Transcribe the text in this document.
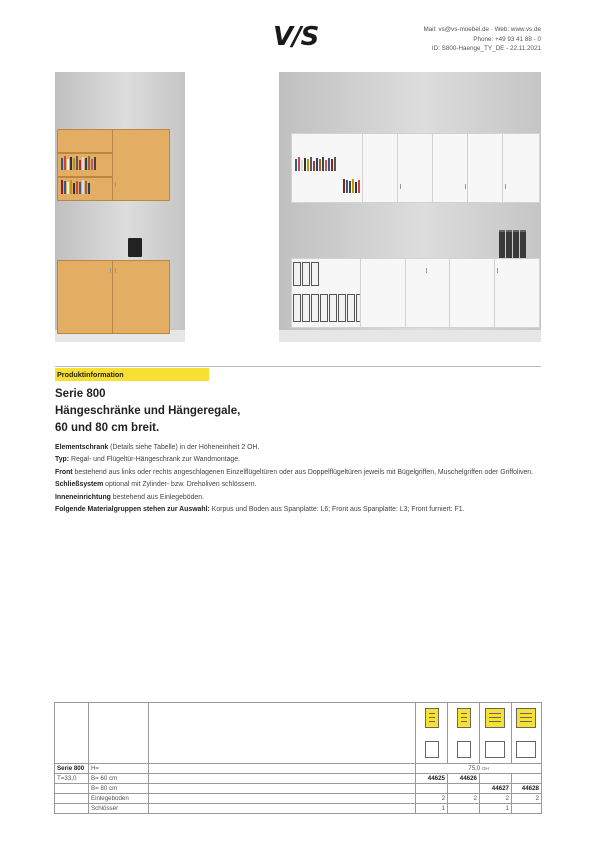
V/S	Mail: vs@vs-moebel.de · Web: www.vs.de
Phone: +49 93 41 88 - 0
ID: S800-Haenge_TY_DE - 22.11.2021
Produktinformation
Serie 800
Hängeschränke und Hängeregale,
60 und 80 cm breit.

Elementschrank (Details siehe Tabelle) in der Höheneinheit 2 OH.

Typ: Regal- und Flügeltür-Hängeschrank zur Wandmontage.

Front bestehend aus links oder rechts angeschlagenen Einzelflügeltüren oder aus Doppelflügeltüren jeweils mit Bügelgriffen, Muschelgriffen oder Griffoliven.

Schließsystem optional mit Zylinder- bzw. Dreholiven schlössern.

Inneneinrichtung bestehend aus Einlegeböden.

Folgende Materialgruppen stehen zur Auswahl: Korpus und Boden aus Spanplatte: L6; Front aus Spanplatte: L3; Front furniert: F1.

Serie 800	H=		75,0 OH			
T=33,0	B= 60 cm		44625	44626		
	B= 80 cm				44627	44628
	Einlegeboden		2	2	2	2
	Schlösser		1		1	
